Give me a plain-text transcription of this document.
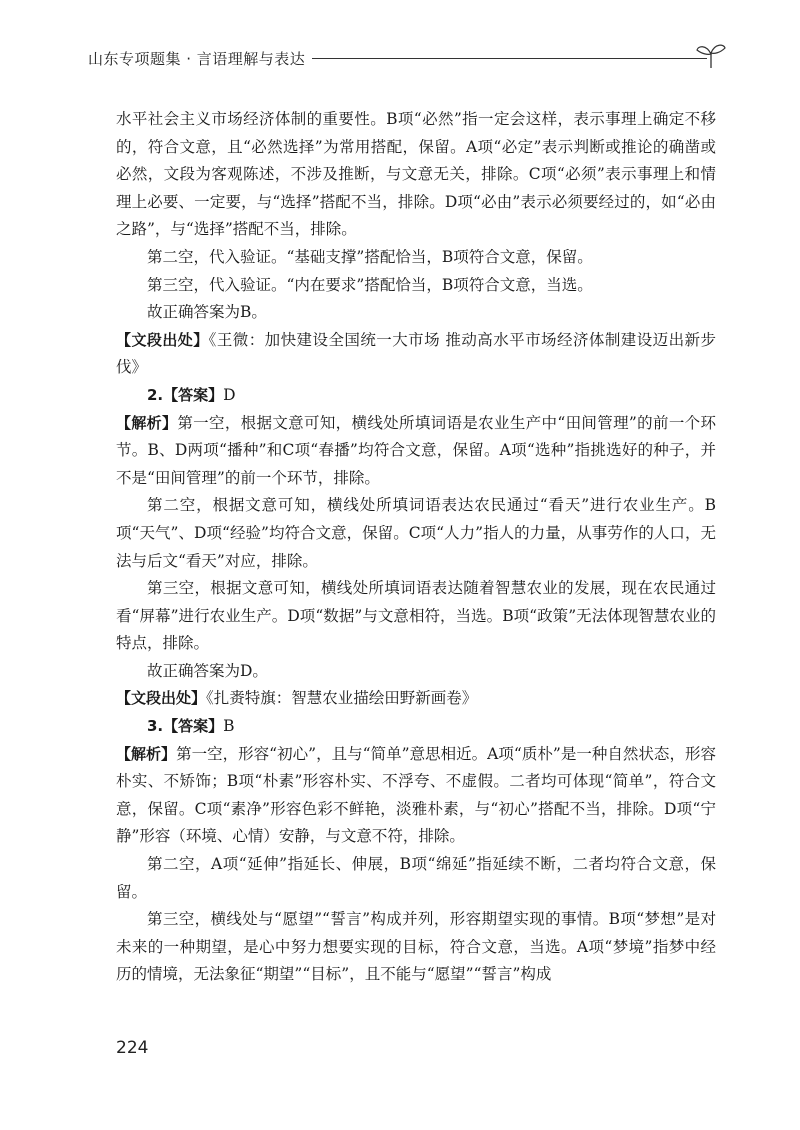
山东专项题集 · 言语理解与表达

水平社会主义市场经济体制的重要性。B项“必然”指一定会这样，表示事理上确定不移的，符合文意，且“必然选择”为常用搭配，保留。A项“必定”表示判断或推论的确凿或必然，文段为客观陈述，不涉及推断，与文意无关，排除。C项“必须”表示事理上和情理上必要、一定要，与“选择”搭配不当，排除。D项“必由”表示必须要经过的，如“必由之路”，与“选择”搭配不当，排除。

第二空，代入验证。“基础支撑”搭配恰当，B项符合文意，保留。

第三空，代入验证。“内在要求”搭配恰当，B项符合文意，当选。

故正确答案为B。

【文段出处】《王微：加快建设全国统一大市场 推动高水平市场经济体制建设迈出新步伐》

2.【答案】D

【解析】第一空，根据文意可知，横线处所填词语是农业生产中“田间管理”的前一个环节。B、D两项“播种”和C项“春播”均符合文意，保留。A项“选种”指挑选好的种子，并不是“田间管理”的前一个环节，排除。

第二空，根据文意可知，横线处所填词语表达农民通过“看天”进行农业生产。B项“天气”、D项“经验”均符合文意，保留。C项“人力”指人的力量，从事劳作的人口，无法与后文“看天”对应，排除。

第三空，根据文意可知，横线处所填词语表达随着智慧农业的发展，现在农民通过看“屏幕”进行农业生产。D项“数据”与文意相符，当选。B项“政策”无法体现智慧农业的特点，排除。

故正确答案为D。

【文段出处】《扎赉特旗：智慧农业描绘田野新画卷》

3.【答案】B

【解析】第一空，形容“初心”，且与“简单”意思相近。A项“质朴”是一种自然状态，形容朴实、不矫饰；B项“朴素”形容朴实、不浮夸、不虚假。二者均可体现“简单”，符合文意，保留。C项“素净”形容色彩不鲜艳，淡雅朴素，与“初心”搭配不当，排除。D项“宁静”形容（环境、心情）安静，与文意不符，排除。

第二空，A项“延伸”指延长、伸展，B项“绵延”指延续不断，二者均符合文意，保留。

第三空，横线处与“愿望”“誓言”构成并列，形容期望实现的事情。B项“梦想”是对未来的一种期望，是心中努力想要实现的目标，符合文意，当选。A项“梦境”指梦中经历的情境，无法象征“期望”“目标”，且不能与“愿望”“誓言”构成

224
